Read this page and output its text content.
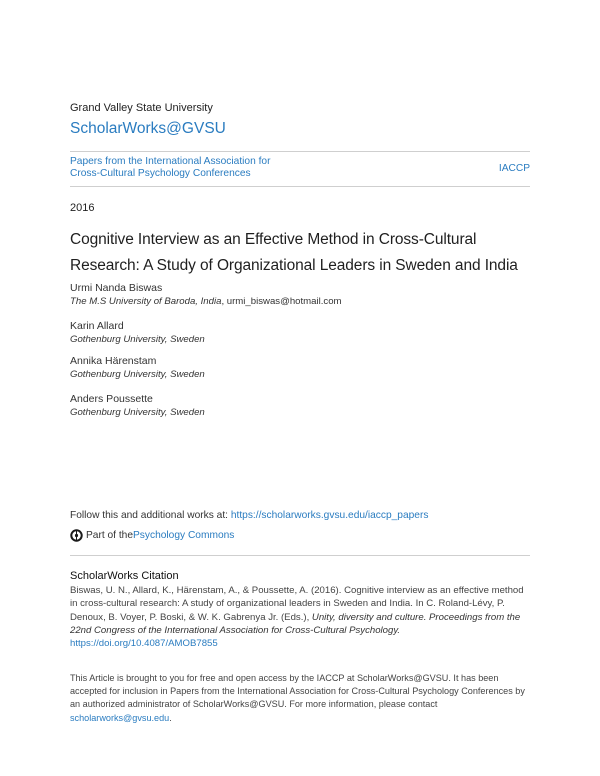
Grand Valley State University
ScholarWorks@GVSU
Papers from the International Association for
Cross-Cultural Psychology Conferences	IACCP
2016
Cognitive Interview as an Effective Method in Cross-Cultural
Research: A Study of Organizational Leaders in Sweden and India
Urmi Nanda Biswas
The M.S University of Baroda, India, urmi_biswas@hotmail.com
Karin Allard
Gothenburg University, Sweden
Annika Härenstam
Gothenburg University, Sweden
Anders Poussette
Gothenburg University, Sweden
Follow this and additional works at: https://scholarworks.gvsu.edu/iaccp_papers
Part of the Psychology Commons
ScholarWorks Citation
Biswas, U. N., Allard, K., Härenstam, A., & Poussette, A. (2016). Cognitive interview as an effective method in cross-cultural research: A study of organizational leaders in Sweden and India. In C. Roland-Lévy, P. Denoux, B. Voyer, P. Boski, & W. K. Gabrenya Jr. (Eds.), Unity, diversity and culture. Proceedings from the 22nd Congress of the International Association for Cross-Cultural Psychology. https://doi.org/10.4087/AMOB7855
This Article is brought to you for free and open access by the IACCP at ScholarWorks@GVSU. It has been accepted for inclusion in Papers from the International Association for Cross-Cultural Psychology Conferences by an authorized administrator of ScholarWorks@GVSU. For more information, please contact scholarworks@gvsu.edu.
